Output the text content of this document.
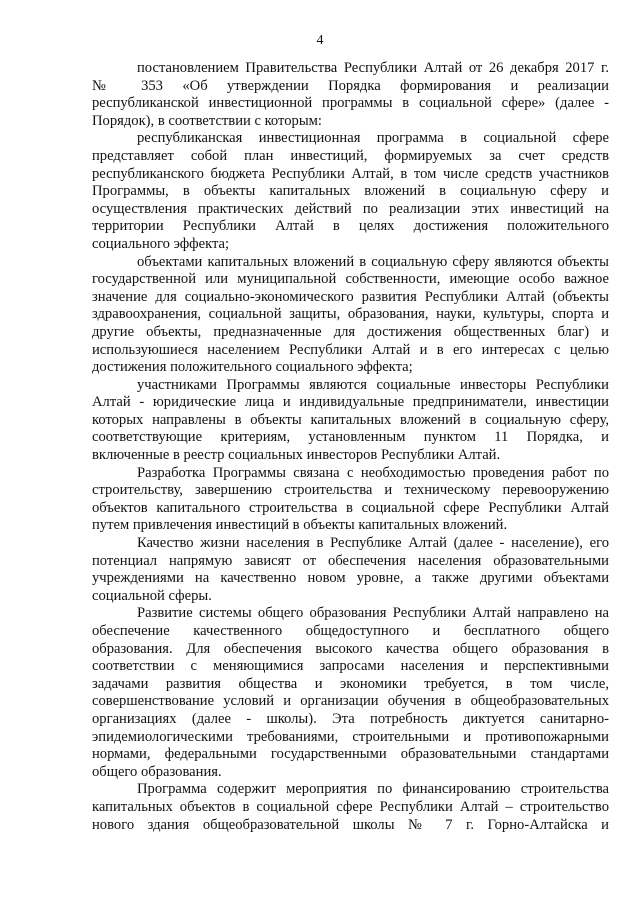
4
постановлением Правительства Республики Алтай от 26 декабря 2017 г.
№ 353 «Об утверждении Порядка формирования и реализации
республиканской инвестиционной программы в социальной сфере» (далее -
Порядок), в соответствии с которым:
республиканская инвестиционная программа в социальной сфере
представляет собой план инвестиций, формируемых за счет средств
республиканского бюджета Республики Алтай, в том числе средств участников
Программы, в объекты капитальных вложений в социальную сферу и
осуществления практических действий по реализации этих инвестиций на
территории Республики Алтай в целях достижения положительного
социального эффекта;
объектами капитальных вложений в социальную сферу являются объекты
государственной или муниципальной собственности, имеющие особо важное
значение для социально-экономического развития Республики Алтай (объекты
здравоохранения, социальной защиты, образования, науки, культуры, спорта и
другие объекты, предназначенные для достижения общественных благ) и
используюшиеся населением Республики Алтай и в его интересах с целью
достижения положительного социального эффекта;
участниками Программы являются социальные инвесторы Республики
Алтай - юридические лица и индивидуальные предприниматели, инвестиции
которых направлены в объекты капитальных вложений в социальную сферу,
соответствующие критериям, установленным пунктом 11 Порядка, и
включенные в реестр социальных инвесторов Республики Алтай.
Разработка Программы связана с необходимостью проведения работ по
строительству, завершению строительства и техническому перевооружению
объектов капитального строительства в социальной сфере Республики Алтай
путем привлечения инвестиций в объекты капитальных вложений.
Качество жизни населения в Республике Алтай (далее - население), его
потенциал напрямую зависят от обеспечения населения образовательными
учреждениями на качественно новом уровне, а также другими объектами
социальной сферы.
Развитие системы общего образования Республики Алтай направлено на
обеспечение качественного общедоступного и бесплатного общего
образования. Для обеспечения высокого качества общего образования в
соответствии с меняющимися запросами населения и перспективными
задачами развития общества и экономики требуется, в том числе,
совершенствование условий и организации обучения в общеобразовательных
организациях (далее - школы). Эта потребность диктуется санитарно-
эпидемиологическими требованиями, строительными и противопожарными
нормами, федеральными государственными образовательными стандартами
общего образования.
Программа содержит мероприятия по финансированию строительства
капитальных объектов в социальной сфере Республики Алтай – строительство
нового здания общеобразовательной школы № 7 г. Горно-Алтайска и
